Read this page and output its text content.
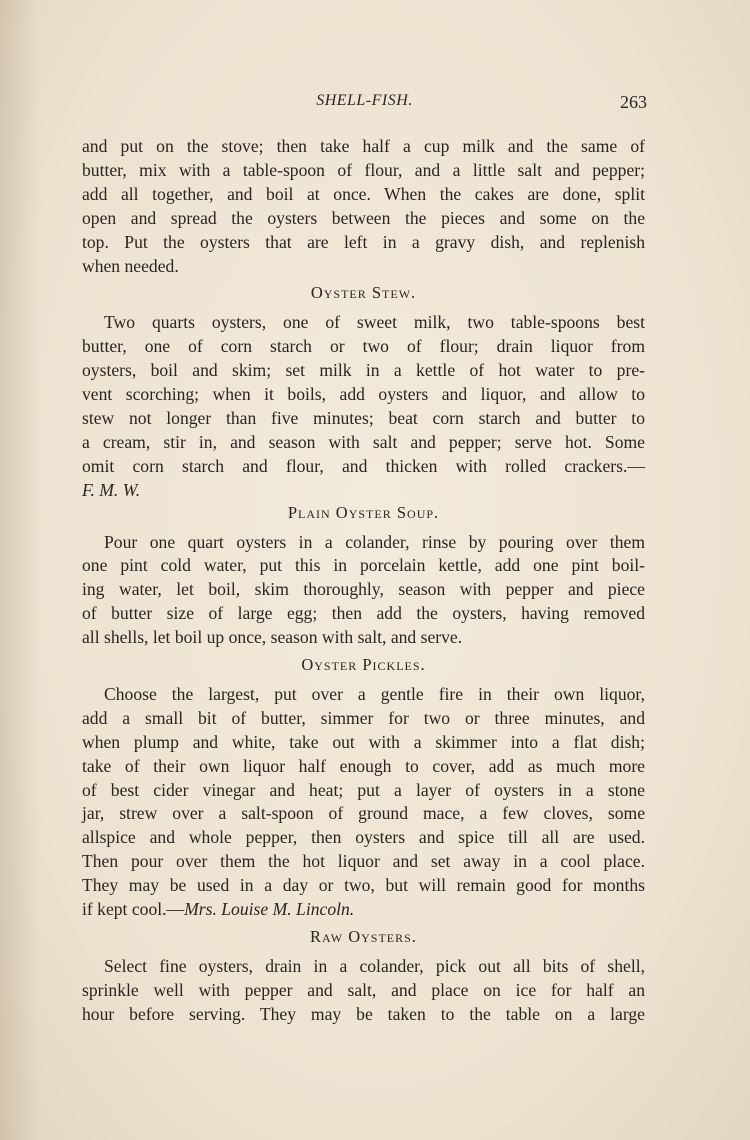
SHELL-FISH.	263

and put on the stove; then take half a cup milk and the same of
butter, mix with a table-spoon of flour, and a little salt and pepper;
add all together, and boil at once. When the cakes are done, split
open and spread the oysters between the pieces and some on the
top. Put the oysters that are left in a gravy dish, and replenish
when needed.

Oyster Stew.

Two quarts oysters, one of sweet milk, two table-spoons best
butter, one of corn starch or two of flour; drain liquor from
oysters, boil and skim; set milk in a kettle of hot water to pre-
vent scorching; when it boils, add oysters and liquor, and allow to
stew not longer than five minutes; beat corn starch and butter to
a cream, stir in, and season with salt and pepper; serve hot. Some
omit corn starch and flour, and thicken with rolled crackers.—
F. M. W.

Plain Oyster Soup.

Pour one quart oysters in a colander, rinse by pouring over them
one pint cold water, put this in porcelain kettle, add one pint boil-
ing water, let boil, skim thoroughly, season with pepper and piece
of butter size of large egg; then add the oysters, having removed
all shells, let boil up once, season with salt, and serve.

Oyster Pickles.

Choose the largest, put over a gentle fire in their own liquor,
add a small bit of butter, simmer for two or three minutes, and
when plump and white, take out with a skimmer into a flat dish;
take of their own liquor half enough to cover, add as much more
of best cider vinegar and heat; put a layer of oysters in a stone
jar, strew over a salt-spoon of ground mace, a few cloves, some
allspice and whole pepper, then oysters and spice till all are used.
Then pour over them the hot liquor and set away in a cool place.
They may be used in a day or two, but will remain good for months
if kept cool.—Mrs. Louise M. Lincoln.

Raw Oysters.

Select fine oysters, drain in a colander, pick out all bits of shell,
sprinkle well with pepper and salt, and place on ice for half an
hour before serving. They may be taken to the table on a large
